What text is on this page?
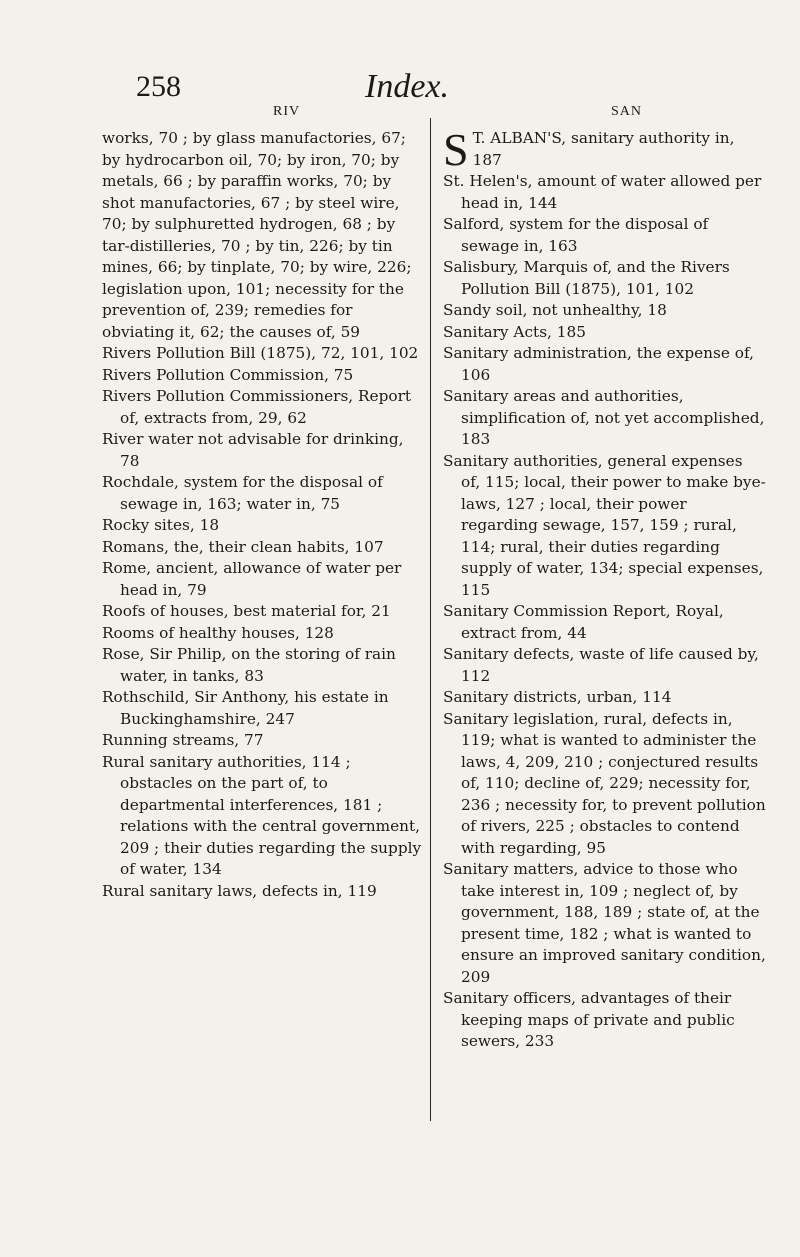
258	Index.
RIV	SAN

works, 70 ; by glass manufactories, 67; by hydrocarbon oil, 70; by iron, 70; by metals, 66 ; by paraffin works, 70; by shot manufactories, 67 ; by steel wire, 70; by sulphuretted hydrogen, 68 ; by tar-distilleries, 70 ; by tin, 226; by tin mines, 66; by tinplate, 70; by wire, 226; legislation upon, 101; necessity for the prevention of, 239; remedies for obviating it, 62; the causes of, 59

Rivers Pollution Bill (1875), 72, 101, 102

Rivers Pollution Commission, 75

Rivers Pollution Commissioners, Report of, extracts from, 29, 62

River water not advisable for drinking, 78

Rochdale, system for the disposal of sewage in, 163; water in, 75

Rocky sites, 18

Romans, the, their clean habits, 107

Rome, ancient, allowance of water per head in, 79

Roofs of houses, best material for, 21

Rooms of healthy houses, 128

Rose, Sir Philip, on the storing of rain water, in tanks, 83

Rothschild, Sir Anthony, his estate in Buckinghamshire, 247

Running streams, 77

Rural sanitary authorities, 114 ; obstacles on the part of, to departmental interferences, 181 ; relations with the central government, 209 ; their duties regarding the supply of water, 134

Rural sanitary laws, defects in, 119

S T. ALBAN'S, sanitary authority in, 187

St. Helen's, amount of water allowed per head in, 144

Salford, system for the disposal of sewage in, 163

Salisbury, Marquis of, and the Rivers Pollution Bill (1875), 101, 102

Sandy soil, not unhealthy, 18

Sanitary Acts, 185

Sanitary administration, the expense of, 106

Sanitary areas and authorities, simplification of, not yet accomplished, 183

Sanitary authorities, general expenses of, 115; local, their power to make bye-laws, 127 ; local, their power regarding sewage, 157, 159 ; rural, 114; rural, their duties regarding supply of water, 134; special expenses, 115

Sanitary Commission Report, Royal, extract from, 44

Sanitary defects, waste of life caused by, 112

Sanitary districts, urban, 114

Sanitary legislation, rural, defects in, 119; what is wanted to administer the laws, 4, 209, 210 ; conjectured results of, 110; decline of, 229; necessity for, 236 ; necessity for, to prevent pollution of rivers, 225 ; obstacles to contend with regarding, 95

Sanitary matters, advice to those who take interest in, 109 ; neglect of, by government, 188, 189 ; state of, at the present time, 182 ; what is wanted to ensure an improved sanitary condition, 209

Sanitary officers, advantages of their keeping maps of private and public sewers, 233
